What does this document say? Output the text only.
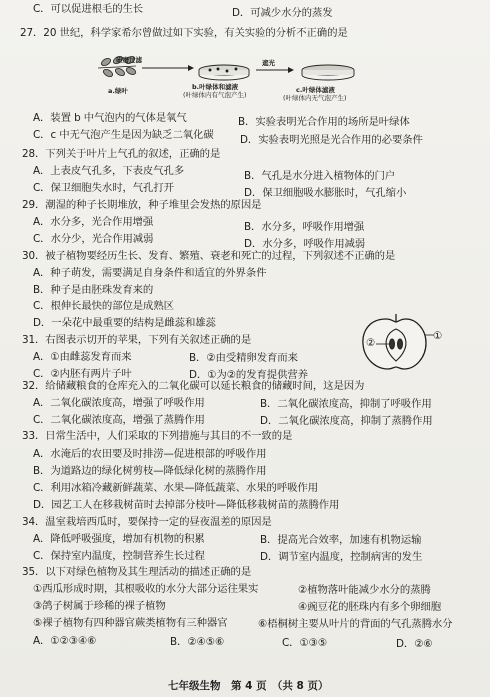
C．可以促进根毛的生长	D．可减少水分的蒸发
27．20 世纪，科学家希尔曾做过如下实验，有关实验的分析不正确的是
研磨过滤	遮光
a.绿叶	b.叶绿体和滤液
(叶绿体内有气泡产生)
c.叶绿体滤液
(叶绿体内无气泡产生)
A．装置 b 中气泡内的气体是氧气	B．实验表明光合作用的场所是叶绿体
C．c 中无气泡产生是因为缺乏二氧化碳	D．实验表明光照是光合作用的必要条件
28．下列关于叶片上气孔的叙述，正确的是
A．上表皮气孔多，下表皮气孔多	B．气孔是水分进入植物体的门户
C．保卫细胞失水时，气孔打开	D．保卫细胞吸水膨胀时，气孔缩小
29．潮湿的种子长期堆放，种子堆里会发热的原因是
A．水分多，光合作用增强	B．水分多，呼吸作用增强
C．水分少，光合作用减弱	D．水分多，呼吸作用减弱
30．被子植物要经历生长、发育、繁殖、衰老和死亡的过程，下列叙述不正确的是
A．种子萌发，需要满足自身条件和适宜的外界条件
B．种子是由胚珠发育来的
C．根伸长最快的部位是成熟区
D．一朵花中最重要的结构是雌蕊和雄蕊
31．右图表示切开的苹果，下列有关叙述正确的是
A．①由雌蕊发育而来	B．②由受精卵发育而来
C．②内胚有两片子叶	D．①为②的发育提供营养
①
②
32．给储藏粮食的仓库充入的二氧化碳可以延长粮食的储藏时间，这是因为
A．二氧化碳浓度高，增强了呼吸作用	B．二氧化碳浓度高，抑制了呼吸作用
C．二氧化碳浓度高，增强了蒸腾作用	D．二氧化碳浓度高，抑制了蒸腾作用
33．日常生活中，人们采取的下列措施与其目的不一致的是
A．水淹后的农田要及时排涝—促进根部的呼吸作用
B．为道路边的绿化树剪枝—降低绿化树的蒸腾作用
C．利用冰箱冷藏新鲜蔬菜、水果—降低蔬菜、水果的呼吸作用
D．园艺工人在移栽树苗时去掉部分枝叶—降低移栽树苗的蒸腾作用
34．温室栽培西瓜时，要保持一定的昼夜温差的原因是
A．降低呼吸强度，增加有机物的积累	B．提高光合效率，加速有机物运输
C．保持室内温度，控制营养生长过程	D．调节室内温度，控制病害的发生
35．以下对绿色植物及其生理活动的描述正确的是
①西瓜形成时期，其根吸收的水分大部分运往果实	②植物落叶能减少水分的蒸腾
③鸽子树属于珍稀的裸子植物	④豌豆花的胚珠内有多个卵细胞
⑤裸子植物有四种器官蕨类植物有三种器官	⑥梧桐树主要从叶片的背面的气孔蒸腾水分
A．①②③④⑥	B．②④⑤⑥	C．①③⑤	D．②⑥
七年级生物　第 4 页　（共 8 页）
